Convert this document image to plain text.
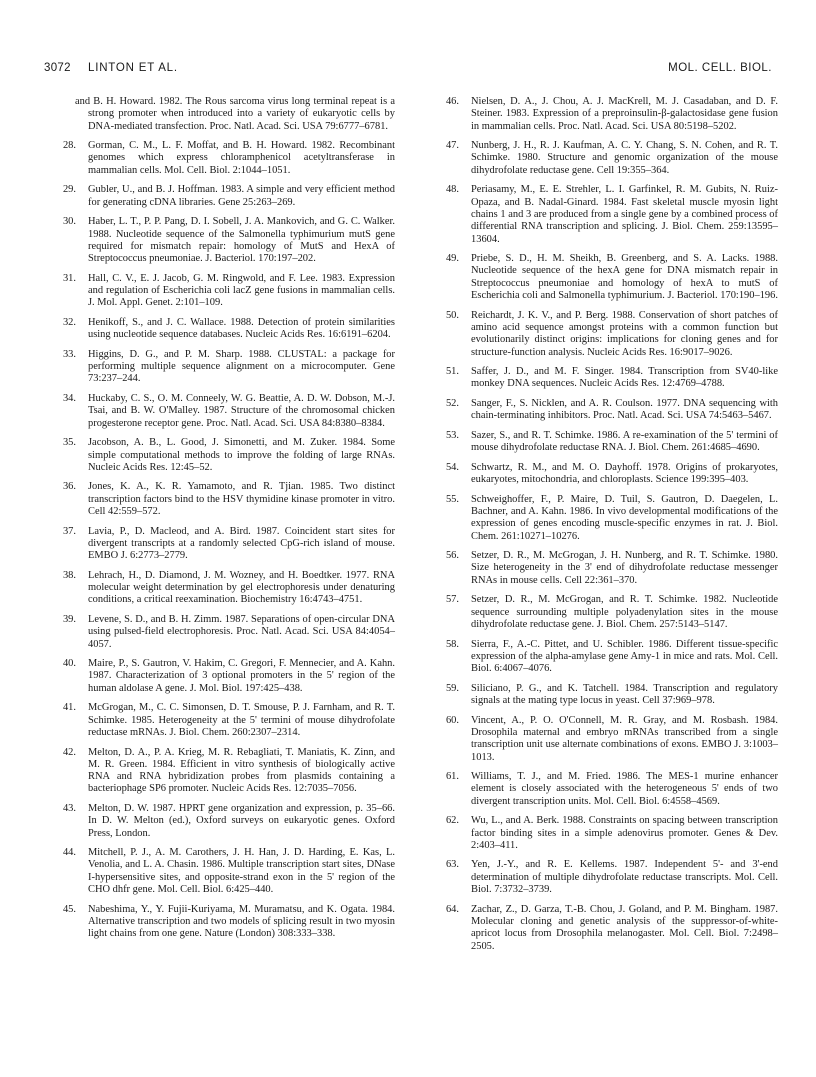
3072 LINTON ET AL.	MOL. CELL. BIOL.
and B. H. Howard. 1982. The Rous sarcoma virus long terminal repeat is a strong promoter when introduced into a variety of eukaryotic cells by DNA-mediated transfection. Proc. Natl. Acad. Sci. USA 79:6777–6781.
28. Gorman, C. M., L. F. Moffat, and B. H. Howard. 1982. Recombinant genomes which express chloramphenicol acetyltransferase in mammalian cells. Mol. Cell. Biol. 2:1044–1051.
29. Gubler, U., and B. J. Hoffman. 1983. A simple and very efficient method for generating cDNA libraries. Gene 25:263–269.
30. Haber, L. T., P. P. Pang, D. I. Sobell, J. A. Mankovich, and G. C. Walker. 1988. Nucleotide sequence of the Salmonella typhimurium mutS gene required for mismatch repair: homology of MutS and HexA of Streptococcus pneumoniae. J. Bacteriol. 170:197–202.
31. Hall, C. V., E. J. Jacob, G. M. Ringwold, and F. Lee. 1983. Expression and regulation of Escherichia coli lacZ gene fusions in mammalian cells. J. Mol. Appl. Genet. 2:101–109.
32. Henikoff, S., and J. C. Wallace. 1988. Detection of protein similarities using nucleotide sequence databases. Nucleic Acids Res. 16:6191–6204.
33. Higgins, D. G., and P. M. Sharp. 1988. CLUSTAL: a package for performing multiple sequence alignment on a microcomputer. Gene 73:237–244.
34. Huckaby, C. S., O. M. Conneely, W. G. Beattie, A. D. W. Dobson, M.-J. Tsai, and B. W. O'Malley. 1987. Structure of the chromosomal chicken progesterone receptor gene. Proc. Natl. Acad. Sci. USA 84:8380–8384.
35. Jacobson, A. B., L. Good, J. Simonetti, and M. Zuker. 1984. Some simple computational methods to improve the folding of large RNAs. Nucleic Acids Res. 12:45–52.
36. Jones, K. A., K. R. Yamamoto, and R. Tjian. 1985. Two distinct transcription factors bind to the HSV thymidine kinase promoter in vitro. Cell 42:559–572.
37. Lavia, P., D. Macleod, and A. Bird. 1987. Coincident start sites for divergent transcripts at a randomly selected CpG-rich island of mouse. EMBO J. 6:2773–2779.
38. Lehrach, H., D. Diamond, J. M. Wozney, and H. Boedtker. 1977. RNA molecular weight determination by gel electrophoresis under denaturing conditions, a critical reexamination. Biochemistry 16:4743–4751.
39. Levene, S. D., and B. H. Zimm. 1987. Separations of open-circular DNA using pulsed-field electrophoresis. Proc. Natl. Acad. Sci. USA 84:4054–4057.
40. Maire, P., S. Gautron, V. Hakim, C. Gregori, F. Mennecier, and A. Kahn. 1987. Characterization of 3 optional promoters in the 5' region of the human aldolase A gene. J. Mol. Biol. 197:425–438.
41. McGrogan, M., C. C. Simonsen, D. T. Smouse, P. J. Farnham, and R. T. Schimke. 1985. Heterogeneity at the 5' termini of mouse dihydrofolate reductase mRNAs. J. Biol. Chem. 260:2307–2314.
42. Melton, D. A., P. A. Krieg, M. R. Rebagliati, T. Maniatis, K. Zinn, and M. R. Green. 1984. Efficient in vitro synthesis of biologically active RNA and RNA hybridization probes from plasmids containing a bacteriophage SP6 promoter. Nucleic Acids Res. 12:7035–7056.
43. Melton, D. W. 1987. HPRT gene organization and expression, p. 35–66. In D. W. Melton (ed.), Oxford surveys on eukaryotic genes. Oxford Press, London.
44. Mitchell, P. J., A. M. Carothers, J. H. Han, J. D. Harding, E. Kas, L. Venolia, and L. A. Chasin. 1986. Multiple transcription start sites, DNase I-hypersensitive sites, and opposite-strand exon in the 5' region of the CHO dhfr gene. Mol. Cell. Biol. 6:425–440.
45. Nabeshima, Y., Y. Fujii-Kuriyama, M. Muramatsu, and K. Ogata. 1984. Alternative transcription and two models of splicing result in two myosin light chains from one gene. Nature (London) 308:333–338.
46. Nielsen, D. A., J. Chou, A. J. MacKrell, M. J. Casadaban, and D. F. Steiner. 1983. Expression of a preproinsulin-β-galactosidase gene fusion in mammalian cells. Proc. Natl. Acad. Sci. USA 80:5198–5202.
47. Nunberg, J. H., R. J. Kaufman, A. C. Y. Chang, S. N. Cohen, and R. T. Schimke. 1980. Structure and genomic organization of the mouse dihydrofolate reductase gene. Cell 19:355–364.
48. Periasamy, M., E. E. Strehler, L. I. Garfinkel, R. M. Gubits, N. Ruiz-Opaza, and B. Nadal-Ginard. 1984. Fast skeletal muscle myosin light chains 1 and 3 are produced from a single gene by a combined process of differential RNA transcription and splicing. J. Biol. Chem. 259:13595–13604.
49. Priebe, S. D., H. M. Sheikh, B. Greenberg, and S. A. Lacks. 1988. Nucleotide sequence of the hexA gene for DNA mismatch repair in Streptococcus pneumoniae and homology of hexA to mutS of Escherichia coli and Salmonella typhimurium. J. Bacteriol. 170:190–196.
50. Reichardt, J. K. V., and P. Berg. 1988. Conservation of short patches of amino acid sequence amongst proteins with a common function but evolutionarily distinct origins: implications for cloning genes and for structure-function analysis. Nucleic Acids Res. 16:9017–9026.
51. Saffer, J. D., and M. F. Singer. 1984. Transcription from SV40-like monkey DNA sequences. Nucleic Acids Res. 12:4769–4788.
52. Sanger, F., S. Nicklen, and A. R. Coulson. 1977. DNA sequencing with chain-terminating inhibitors. Proc. Natl. Acad. Sci. USA 74:5463–5467.
53. Sazer, S., and R. T. Schimke. 1986. A re-examination of the 5' termini of mouse dihydrofolate reductase RNA. J. Biol. Chem. 261:4685–4690.
54. Schwartz, R. M., and M. O. Dayhoff. 1978. Origins of prokaryotes, eukaryotes, mitochondria, and chloroplasts. Science 199:395–403.
55. Schweighoffer, F., P. Maire, D. Tuil, S. Gautron, D. Daegelen, L. Bachner, and A. Kahn. 1986. In vivo developmental modifications of the expression of genes encoding muscle-specific enzymes in rat. J. Biol. Chem. 261:10271–10276.
56. Setzer, D. R., M. McGrogan, J. H. Nunberg, and R. T. Schimke. 1980. Size heterogeneity in the 3' end of dihydrofolate reductase messenger RNAs in mouse cells. Cell 22:361–370.
57. Setzer, D. R., M. McGrogan, and R. T. Schimke. 1982. Nucleotide sequence surrounding multiple polyadenylation sites in the mouse dihydrofolate reductase gene. J. Biol. Chem. 257:5143–5147.
58. Sierra, F., A.-C. Pittet, and U. Schibler. 1986. Different tissue-specific expression of the alpha-amylase gene Amy-1 in mice and rats. Mol. Cell. Biol. 6:4067–4076.
59. Siliciano, P. G., and K. Tatchell. 1984. Transcription and regulatory signals at the mating type locus in yeast. Cell 37:969–978.
60. Vincent, A., P. O. O'Connell, M. R. Gray, and M. Rosbash. 1984. Drosophila maternal and embryo mRNAs transcribed from a single transcription unit use alternate combinations of exons. EMBO J. 3:1003–1013.
61. Williams, T. J., and M. Fried. 1986. The MES-1 murine enhancer element is closely associated with the heterogeneous 5' ends of two divergent transcription units. Mol. Cell. Biol. 6:4558–4569.
62. Wu, L., and A. Berk. 1988. Constraints on spacing between transcription factor binding sites in a simple adenovirus promoter. Genes & Dev. 2:403–411.
63. Yen, J.-Y., and R. E. Kellems. 1987. Independent 5'- and 3'-end determination of multiple dihydrofolate reductase transcripts. Mol. Cell. Biol. 7:3732–3739.
64. Zachar, Z., D. Garza, T.-B. Chou, J. Goland, and P. M. Bingham. 1987. Molecular cloning and genetic analysis of the suppressor-of-white-apricot locus from Drosophila melanogaster. Mol. Cell. Biol. 7:2498–2505.
